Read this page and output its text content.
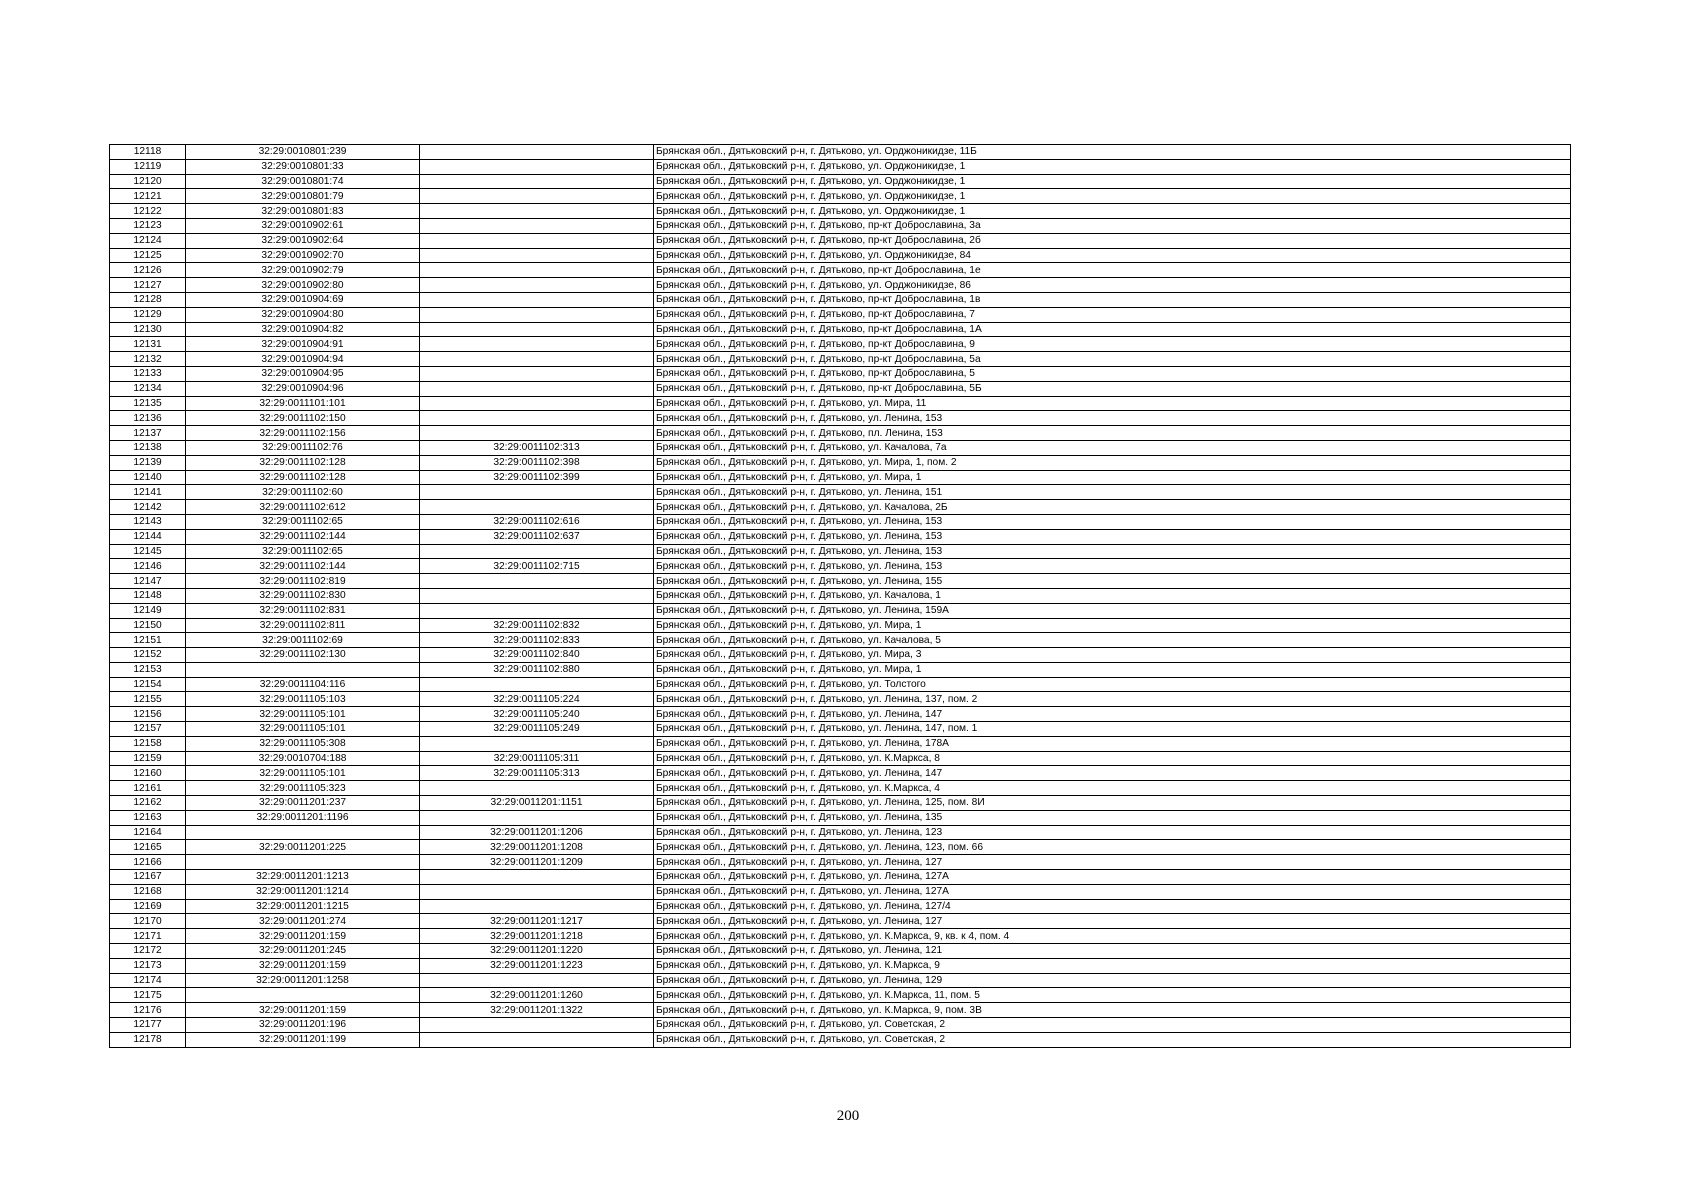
12118	32:29:0010801:239		Брянская обл., Дятьковский р-н, г. Дятьково, ул. Орджоникидзе, 11Б
12119	32:29:0010801:33		Брянская обл., Дятьковский р-н, г. Дятьково, ул. Орджоникидзе, 1
12120	32:29:0010801:74		Брянская обл., Дятьковский р-н, г. Дятьково, ул. Орджоникидзе, 1
12121	32:29:0010801:79		Брянская обл., Дятьковский р-н, г. Дятьково, ул. Орджоникидзе, 1
12122	32:29:0010801:83		Брянская обл., Дятьковский р-н, г. Дятьково, ул. Орджоникидзе, 1
12123	32:29:0010902:61		Брянская обл., Дятьковский р-н, г. Дятьково, пр-кт Доброславина, 3а
12124	32:29:0010902:64		Брянская обл., Дятьковский р-н, г. Дятьково, пр-кт Доброславина, 2б
12125	32:29:0010902:70		Брянская обл., Дятьковский р-н, г. Дятьково, ул. Орджоникидзе, 84
12126	32:29:0010902:79		Брянская обл., Дятьковский р-н, г. Дятьково, пр-кт Доброславина, 1е
12127	32:29:0010902:80		Брянская обл., Дятьковский р-н, г. Дятьково, ул. Орджоникидзе, 86
12128	32:29:0010904:69		Брянская обл., Дятьковский р-н, г. Дятьково, пр-кт Доброславина, 1в
12129	32:29:0010904:80		Брянская обл., Дятьковский р-н, г. Дятьково, пр-кт Доброславина, 7
12130	32:29:0010904:82		Брянская обл., Дятьковский р-н, г. Дятьково, пр-кт Доброславина, 1А
12131	32:29:0010904:91		Брянская обл., Дятьковский р-н, г. Дятьково, пр-кт Доброславина, 9
12132	32:29:0010904:94		Брянская обл., Дятьковский р-н, г. Дятьково, пр-кт Доброславина, 5а
12133	32:29:0010904:95		Брянская обл., Дятьковский р-н, г. Дятьково, пр-кт Доброславина, 5
12134	32:29:0010904:96		Брянская обл., Дятьковский р-н, г. Дятьково, пр-кт Доброславина, 5Б
12135	32:29:0011101:101		Брянская обл., Дятьковский р-н, г. Дятьково, ул. Мира, 11
12136	32:29:0011102:150		Брянская обл., Дятьковский р-н, г. Дятьково, ул. Ленина, 153
12137	32:29:0011102:156		Брянская обл., Дятьковский р-н, г. Дятьково, пл. Ленина, 153
12138	32:29:0011102:76	32:29:0011102:313	Брянская обл., Дятьковский р-н, г. Дятьково, ул. Качалова, 7а
12139	32:29:0011102:128	32:29:0011102:398	Брянская обл., Дятьковский р-н, г. Дятьково, ул. Мира, 1, пом. 2
12140	32:29:0011102:128	32:29:0011102:399	Брянская обл., Дятьковский р-н, г. Дятьково, ул. Мира, 1
12141	32:29:0011102:60		Брянская обл., Дятьковский р-н, г. Дятьково, ул. Ленина, 151
12142	32:29:0011102:612		Брянская обл., Дятьковский р-н, г. Дятьково, ул. Качалова, 2Б
12143	32:29:0011102:65	32:29:0011102:616	Брянская обл., Дятьковский р-н, г. Дятьково, ул. Ленина, 153
12144	32:29:0011102:144	32:29:0011102:637	Брянская обл., Дятьковский р-н, г. Дятьково, ул. Ленина, 153
12145	32:29:0011102:65		Брянская обл., Дятьковский р-н, г. Дятьково, ул. Ленина, 153
12146	32:29:0011102:144	32:29:0011102:715	Брянская обл., Дятьковский р-н, г. Дятьково, ул. Ленина, 153
12147	32:29:0011102:819		Брянская обл., Дятьковский р-н, г. Дятьково, ул. Ленина, 155
12148	32:29:0011102:830		Брянская обл., Дятьковский р-н, г. Дятьково, ул. Качалова, 1
12149	32:29:0011102:831		Брянская обл., Дятьковский р-н, г. Дятьково, ул. Ленина, 159А
12150	32:29:0011102:811	32:29:0011102:832	Брянская обл., Дятьковский р-н, г. Дятьково, ул. Мира, 1
12151	32:29:0011102:69	32:29:0011102:833	Брянская обл., Дятьковский р-н, г. Дятьково, ул. Качалова, 5
12152	32:29:0011102:130	32:29:0011102:840	Брянская обл., Дятьковский р-н, г. Дятьково, ул. Мира, 3
12153		32:29:0011102:880	Брянская обл., Дятьковский р-н, г. Дятьково, ул. Мира, 1
12154	32:29:0011104:116		Брянская обл., Дятьковский р-н, г. Дятьково, ул. Толстого
12155	32:29:0011105:103	32:29:0011105:224	Брянская обл., Дятьковский р-н, г. Дятьково, ул. Ленина, 137, пом. 2
12156	32:29:0011105:101	32:29:0011105:240	Брянская обл., Дятьковский р-н, г. Дятьково, ул. Ленина, 147
12157	32:29:0011105:101	32:29:0011105:249	Брянская обл., Дятьковский р-н, г. Дятьково, ул. Ленина, 147, пом. 1
12158	32:29:0011105:308		Брянская обл., Дятьковский р-н, г. Дятьково, ул. Ленина, 178А
12159	32:29:0010704:188	32:29:0011105:311	Брянская обл., Дятьковский р-н, г. Дятьково, ул. К.Маркса, 8
12160	32:29:0011105:101	32:29:0011105:313	Брянская обл., Дятьковский р-н, г. Дятьково, ул. Ленина, 147
12161	32:29:0011105:323		Брянская обл., Дятьковский р-н, г. Дятьково, ул. К.Маркса, 4
12162	32:29:0011201:237	32:29:0011201:1151	Брянская обл., Дятьковский р-н, г. Дятьково, ул. Ленина, 125, пом. 8И
12163	32:29:0011201:1196		Брянская обл., Дятьковский р-н, г. Дятьково, ул. Ленина, 135
12164		32:29:0011201:1206	Брянская обл., Дятьковский р-н, г. Дятьково, ул. Ленина, 123
12165	32:29:0011201:225	32:29:0011201:1208	Брянская обл., Дятьковский р-н, г. Дятьково, ул. Ленина, 123, пом. 66
12166		32:29:0011201:1209	Брянская обл., Дятьковский р-н, г. Дятьково, ул. Ленина, 127
12167	32:29:0011201:1213		Брянская обл., Дятьковский р-н, г. Дятьково, ул. Ленина, 127А
12168	32:29:0011201:1214		Брянская обл., Дятьковский р-н, г. Дятьково, ул. Ленина, 127А
12169	32:29:0011201:1215		Брянская обл., Дятьковский р-н, г. Дятьково, ул. Ленина, 127/4
12170	32:29:0011201:274	32:29:0011201:1217	Брянская обл., Дятьковский р-н, г. Дятьково, ул. Ленина, 127
12171	32:29:0011201:159	32:29:0011201:1218	Брянская обл., Дятьковский р-н, г. Дятьково, ул. К.Маркса, 9, кв. к 4, пом. 4
12172	32:29:0011201:245	32:29:0011201:1220	Брянская обл., Дятьковский р-н, г. Дятьково, ул. Ленина, 121
12173	32:29:0011201:159	32:29:0011201:1223	Брянская обл., Дятьковский р-н, г. Дятьково, ул. К.Маркса, 9
12174	32:29:0011201:1258		Брянская обл., Дятьковский р-н, г. Дятьково, ул. Ленина, 129
12175		32:29:0011201:1260	Брянская обл., Дятьковский р-н, г. Дятьково, ул. К.Маркса, 11, пом. 5
12176	32:29:0011201:159	32:29:0011201:1322	Брянская обл., Дятьковский р-н, г. Дятьково, ул. К.Маркса, 9, пом. 3В
12177	32:29:0011201:196		Брянская обл., Дятьковский р-н, г. Дятьково, ул. Советская, 2
12178	32:29:0011201:199		Брянская обл., Дятьковский р-н, г. Дятьково, ул. Советская, 2
200
